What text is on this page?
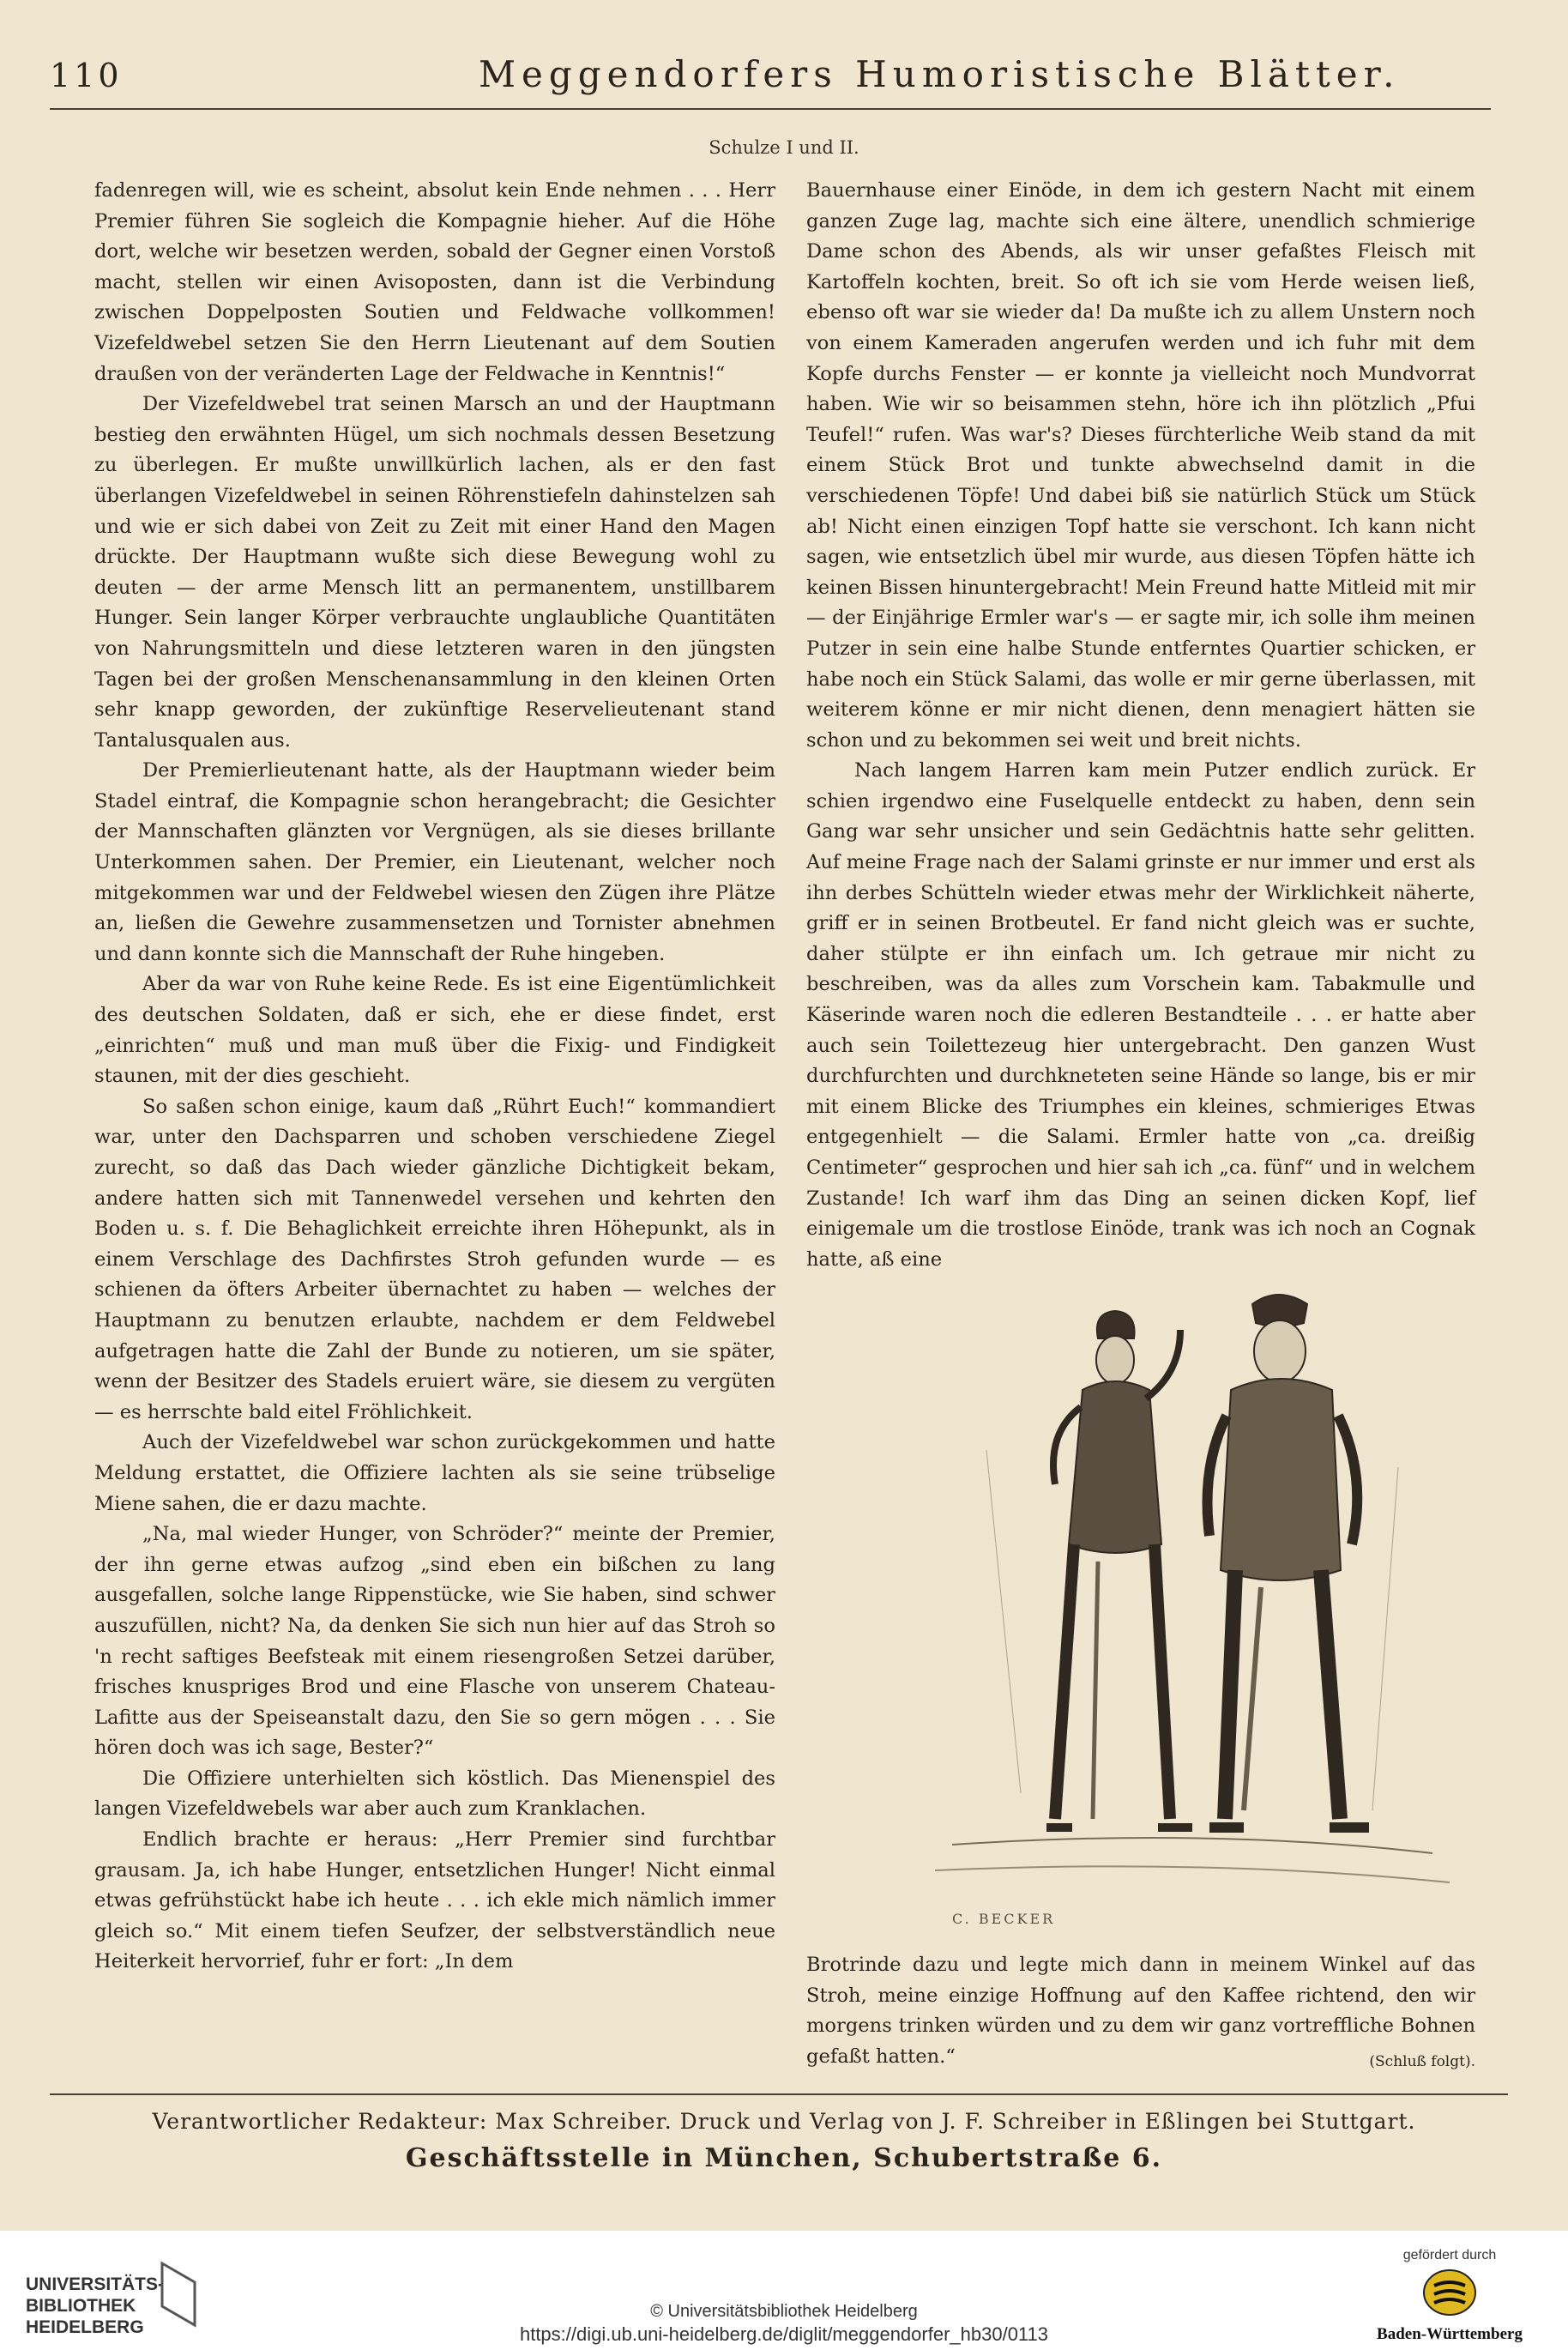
110	Meggendorfers Humoristische Blätter.
Schulze I und II.

fadenregen will, wie es scheint, absolut kein Ende nehmen . . . Herr Premier führen Sie sogleich die Kompagnie hieher. Auf die Höhe dort, welche wir besetzen werden, sobald der Gegner einen Vorstoß macht, stellen wir einen Avisoposten, dann ist die Verbindung zwischen Doppelposten Soutien und Feldwache vollkommen! Vizefeldwebel setzen Sie den Herrn Lieutenant auf dem Soutien draußen von der veränderten Lage der Feldwache in Kenntnis!“

Der Vizefeldwebel trat seinen Marsch an und der Hauptmann bestieg den erwähnten Hügel, um sich nochmals dessen Besetzung zu überlegen. Er mußte unwillkürlich lachen, als er den fast überlangen Vizefeldwebel in seinen Röhrenstiefeln dahinstelzen sah und wie er sich dabei von Zeit zu Zeit mit einer Hand den Magen drückte. Der Hauptmann wußte sich diese Bewegung wohl zu deuten — der arme Mensch litt an permanentem, unstillbarem Hunger. Sein langer Körper verbrauchte unglaubliche Quantitäten von Nahrungsmitteln und diese letzteren waren in den jüngsten Tagen bei der großen Menschenansammlung in den kleinen Orten sehr knapp geworden, der zukünftige Reservelieutenant stand Tantalusqualen aus.

Der Premierlieutenant hatte, als der Hauptmann wieder beim Stadel eintraf, die Kompagnie schon herangebracht; die Gesichter der Mannschaften glänzten vor Vergnügen, als sie dieses brillante Unterkommen sahen. Der Premier, ein Lieutenant, welcher noch mitgekommen war und der Feldwebel wiesen den Zügen ihre Plätze an, ließen die Gewehre zusammensetzen und Tornister abnehmen und dann konnte sich die Mannschaft der Ruhe hingeben.

Aber da war von Ruhe keine Rede. Es ist eine Eigentümlichkeit des deutschen Soldaten, daß er sich, ehe er diese findet, erst „einrichten“ muß und man muß über die Fixig- und Findigkeit staunen, mit der dies geschieht.

So saßen schon einige, kaum daß „Rührt Euch!“ kommandiert war, unter den Dachsparren und schoben verschiedene Ziegel zurecht, so daß das Dach wieder gänzliche Dichtigkeit bekam, andere hatten sich mit Tannenwedel versehen und kehrten den Boden u. s. f. Die Behaglichkeit erreichte ihren Höhepunkt, als in einem Verschlage des Dachfirstes Stroh gefunden wurde — es schienen da öfters Arbeiter übernachtet zu haben — welches der Hauptmann zu benutzen erlaubte, nachdem er dem Feldwebel aufgetragen hatte die Zahl der Bunde zu notieren, um sie später, wenn der Besitzer des Stadels eruiert wäre, sie diesem zu vergüten — es herrschte bald eitel Fröhlichkeit.

Auch der Vizefeldwebel war schon zurückgekommen und hatte Meldung erstattet, die Offiziere lachten als sie seine trübselige Miene sahen, die er dazu machte.

„Na, mal wieder Hunger, von Schröder?“ meinte der Premier, der ihn gerne etwas aufzog „sind eben ein bißchen zu lang ausgefallen, solche lange Rippenstücke, wie Sie haben, sind schwer auszufüllen, nicht? Na, da denken Sie sich nun hier auf das Stroh so 'n recht saftiges Beefsteak mit einem riesengroßen Setzei darüber, frisches knuspriges Brod und eine Flasche von unserem Chateau-Lafitte aus der Speiseanstalt dazu, den Sie so gern mögen . . . Sie hören doch was ich sage, Bester?“

Die Offiziere unterhielten sich köstlich. Das Mienenspiel des langen Vizefeldwebels war aber auch zum Kranklachen.

Endlich brachte er heraus: „Herr Premier sind furchtbar grausam. Ja, ich habe Hunger, entsetzlichen Hunger! Nicht einmal etwas gefrühstückt habe ich heute . . . ich ekle mich nämlich immer gleich so.“ Mit einem tiefen Seufzer, der selbstverständlich neue Heiterkeit hervorrief, fuhr er fort: „In dem

Bauernhause einer Einöde, in dem ich gestern Nacht mit einem ganzen Zuge lag, machte sich eine ältere, unendlich schmierige Dame schon des Abends, als wir unser gefaßtes Fleisch mit Kartoffeln kochten, breit. So oft ich sie vom Herde weisen ließ, ebenso oft war sie wieder da! Da mußte ich zu allem Unstern noch von einem Kameraden angerufen werden und ich fuhr mit dem Kopfe durchs Fenster — er konnte ja vielleicht noch Mundvorrat haben. Wie wir so beisammen stehn, höre ich ihn plötzlich „Pfui Teufel!“ rufen. Was war's? Dieses fürchterliche Weib stand da mit einem Stück Brot und tunkte abwechselnd damit in die verschiedenen Töpfe! Und dabei biß sie natürlich Stück um Stück ab! Nicht einen einzigen Topf hatte sie verschont. Ich kann nicht sagen, wie entsetzlich übel mir wurde, aus diesen Töpfen hätte ich keinen Bissen hinuntergebracht! Mein Freund hatte Mitleid mit mir — der Einjährige Ermler war's — er sagte mir, ich solle ihm meinen Putzer in sein eine halbe Stunde entferntes Quartier schicken, er habe noch ein Stück Salami, das wolle er mir gerne überlassen, mit weiterem könne er mir nicht dienen, denn menagiert hätten sie schon und zu bekommen sei weit und breit nichts.

Nach langem Harren kam mein Putzer endlich zurück. Er schien irgendwo eine Fuselquelle entdeckt zu haben, denn sein Gang war sehr unsicher und sein Gedächtnis hatte sehr gelitten. Auf meine Frage nach der Salami grinste er nur immer und erst als ihn derbes Schütteln wieder etwas mehr der Wirklichkeit näherte, griff er in seinen Brotbeutel. Er fand nicht gleich was er suchte, daher stülpte er ihn einfach um. Ich getraue mir nicht zu beschreiben, was da alles zum Vorschein kam. Tabakmulle und Käserinde waren noch die edleren Bestandteile . . . er hatte aber auch sein Toilettezeug hier untergebracht. Den ganzen Wust durchfurchten und durchkneteten seine Hände so lange, bis er mir mit einem Blicke des Triumphes ein kleines, schmieriges Etwas entgegenhielt — die Salami. Ermler hatte von „ca. dreißig Centimeter“ gesprochen und hier sah ich „ca. fünf“ und in welchem Zustande! Ich warf ihm das Ding an seinen dicken Kopf, lief einigemale um die trostlose Einöde, trank was ich noch an Cognak hatte, aß eine

C. BECKER

Brotrinde dazu und legte mich dann in meinem Winkel auf das Stroh, meine einzige Hoffnung auf den Kaffee richtend, den wir morgens trinken würden und zu dem wir ganz vortreffliche Bohnen gefaßt hatten.“	(Schluß folgt).

Verantwortlicher Redakteur: Max Schreiber. Druck und Verlag von J. F. Schreiber in Eßlingen bei Stuttgart.
Geschäftsstelle in München, Schubertstraße 6.
UNIVERSITÄTS-
BIBLIOTHEK
HEIDELBERG
© Universitätsbibliothek Heidelberg
https://digi.ub.uni-heidelberg.de/diglit/meggendorfer_hb30/0113
gefördert durch
Baden-Württemberg
